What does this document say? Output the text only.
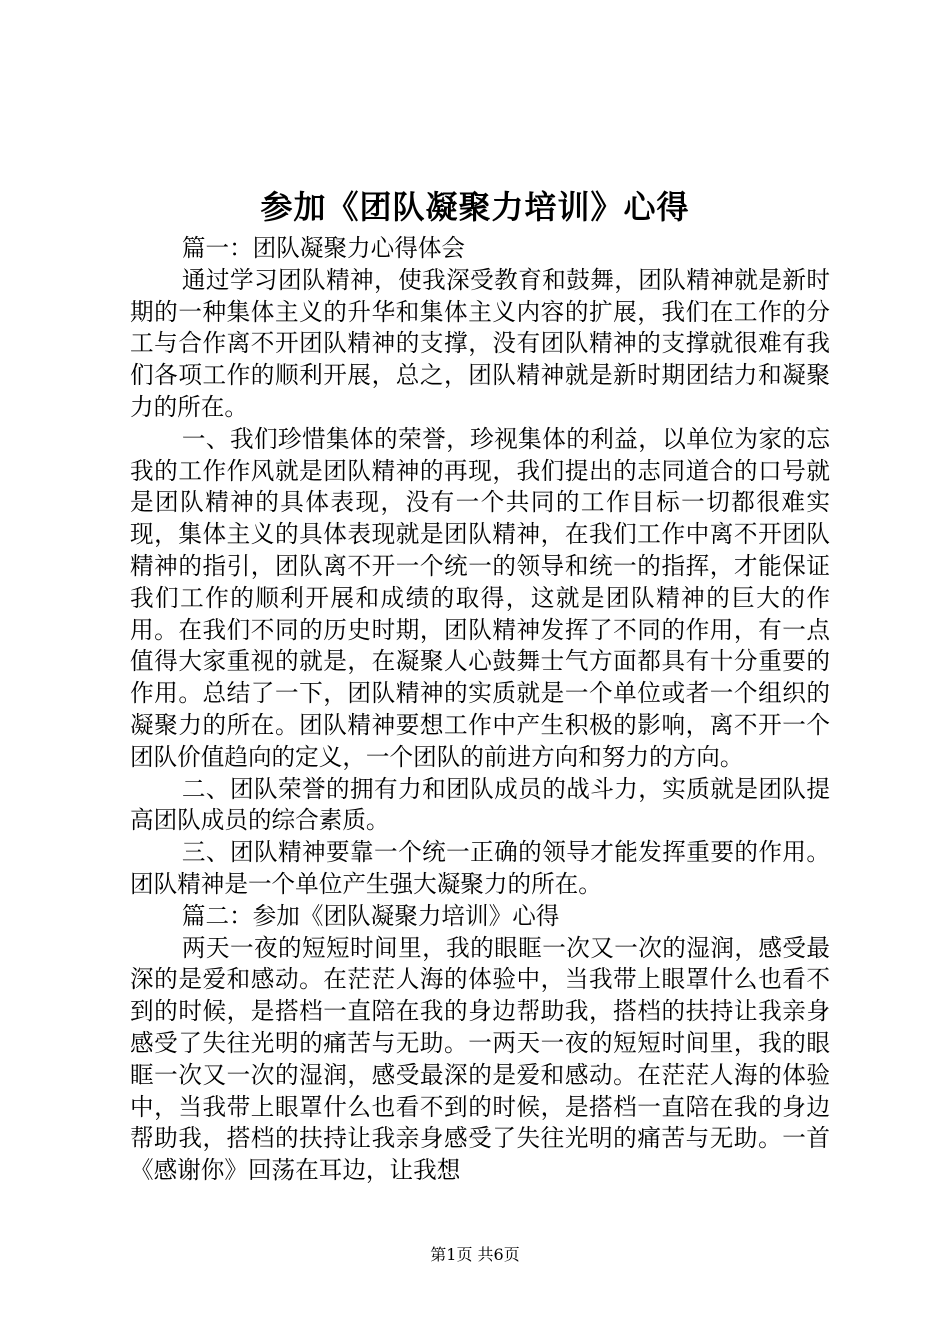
参加《团队凝聚力培训》心得

篇一：团队凝聚力心得体会

通过学习团队精神，使我深受教育和鼓舞，团队精神就是新时期的一种集体主义的升华和集体主义内容的扩展，我们在工作的分工与合作离不开团队精神的支撑，没有团队精神的支撑就很难有我们各项工作的顺利开展，总之，团队精神就是新时期团结力和凝聚力的所在。

一、我们珍惜集体的荣誉，珍视集体的利益，以单位为家的忘我的工作作风就是团队精神的再现，我们提出的志同道合的口号就是团队精神的具体表现，没有一个共同的工作目标一切都很难实现，集体主义的具体表现就是团队精神，在我们工作中离不开团队精神的指引，团队离不开一个统一的领导和统一的指挥，才能保证我们工作的顺利开展和成绩的取得，这就是团队精神的巨大的作用。在我们不同的历史时期，团队精神发挥了不同的作用，有一点值得大家重视的就是，在凝聚人心鼓舞士气方面都具有十分重要的作用。总结了一下，团队精神的实质就是一个单位或者一个组织的凝聚力的所在。团队精神要想工作中产生积极的影响，离不开一个团队价值趋向的定义，一个团队的前进方向和努力的方向。

二、团队荣誉的拥有力和团队成员的战斗力，实质就是团队提高团队成员的综合素质。

三、团队精神要靠一个统一正确的领导才能发挥重要的作用。团队精神是一个单位产生强大凝聚力的所在。

篇二：参加《团队凝聚力培训》心得

两天一夜的短短时间里，我的眼眶一次又一次的湿润，感受最深的是爱和感动。在茫茫人海的体验中，当我带上眼罩什么也看不到的时候，是搭档一直陪在我的身边帮助我，搭档的扶持让我亲身感受了失往光明的痛苦与无助。一两天一夜的短短时间里，我的眼眶一次又一次的湿润，感受最深的是爱和感动。在茫茫人海的体验中，当我带上眼罩什么也看不到的时候，是搭档一直陪在我的身边帮助我，搭档的扶持让我亲身感受了失往光明的痛苦与无助。一首《感谢你》回荡在耳边，让我想

第1页 共6页
